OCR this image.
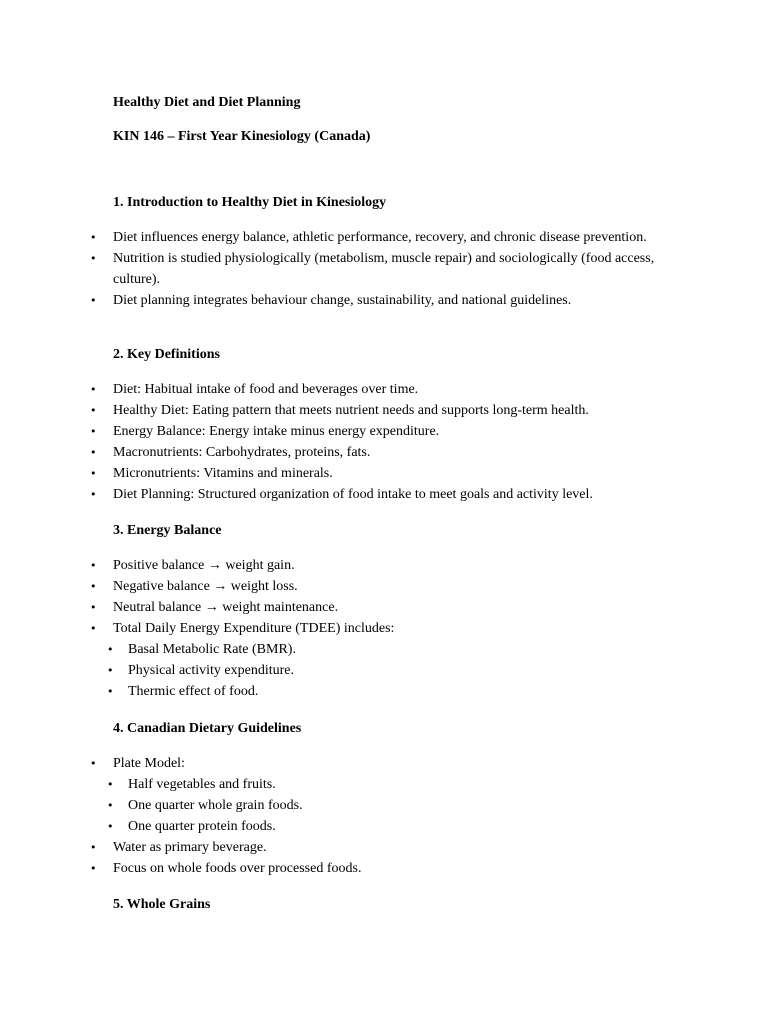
Healthy Diet and Diet Planning
KIN 146 – First Year Kinesiology (Canada)
1. Introduction to Healthy Diet in Kinesiology
• Diet influences energy balance, athletic performance, recovery, and chronic disease prevention.
• Nutrition is studied physiologically (metabolism, muscle repair) and sociologically (food access, culture).
• Diet planning integrates behaviour change, sustainability, and national guidelines.
2. Key Definitions
• Diet: Habitual intake of food and beverages over time.
• Healthy Diet: Eating pattern that meets nutrient needs and supports long-term health.
• Energy Balance: Energy intake minus energy expenditure.
• Macronutrients: Carbohydrates, proteins, fats.
• Micronutrients: Vitamins and minerals.
• Diet Planning: Structured organization of food intake to meet goals and activity level.
3. Energy Balance
• Positive balance → weight gain.
• Negative balance → weight loss.
• Neutral balance → weight maintenance.
• Total Daily Energy Expenditure (TDEE) includes:
• Basal Metabolic Rate (BMR).
• Physical activity expenditure.
• Thermic effect of food.
4. Canadian Dietary Guidelines
• Plate Model:
• Half vegetables and fruits.
• One quarter whole grain foods.
• One quarter protein foods.
• Water as primary beverage.
• Focus on whole foods over processed foods.
5. Whole Grains
